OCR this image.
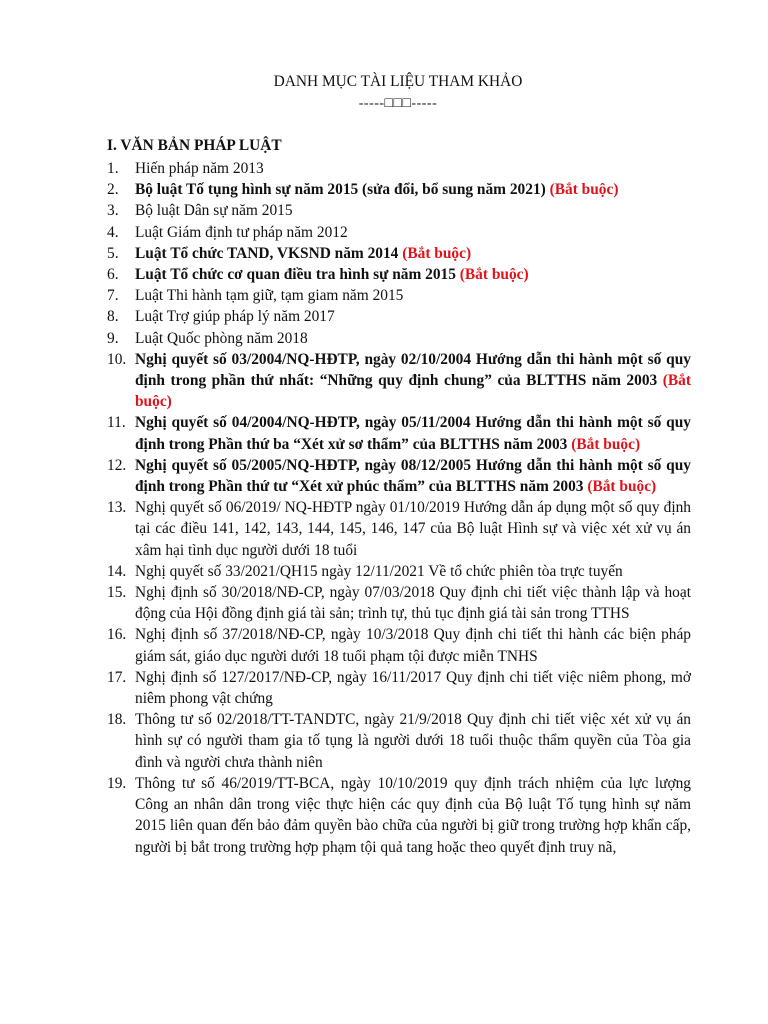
DANH MỤC TÀI LIỆU THAM KHẢO
-----□□□-----
I. VĂN BẢN PHÁP LUẬT
1. Hiến pháp năm 2013
2. Bộ luật Tố tụng hình sự năm 2015 (sửa đổi, bổ sung năm 2021) (Bắt buộc)
3. Bộ luật Dân sự năm 2015
4. Luật Giám định tư pháp năm 2012
5. Luật Tổ chức TAND, VKSND năm 2014 (Bắt buộc)
6. Luật Tổ chức cơ quan điều tra hình sự năm 2015 (Bắt buộc)
7. Luật Thi hành tạm giữ, tạm giam năm 2015
8. Luật Trợ giúp pháp lý năm 2017
9. Luật Quốc phòng năm 2018
10. Nghị quyết số 03/2004/NQ-HĐTP, ngày 02/10/2004 Hướng dẫn thi hành một số quy định trong phần thứ nhất: “Những quy định chung” của BLTTHS năm 2003 (Bắt buộc)
11. Nghị quyết số 04/2004/NQ-HĐTP, ngày 05/11/2004 Hướng dẫn thi hành một số quy định trong Phần thứ ba “Xét xử sơ thẩm” của BLTTHS năm 2003 (Bắt buộc)
12. Nghị quyết số 05/2005/NQ-HĐTP, ngày 08/12/2005 Hướng dẫn thi hành một số quy định trong Phần thứ tư “Xét xử phúc thẩm” của BLTTHS năm 2003 (Bắt buộc)
13. Nghị quyết số 06/2019/ NQ-HĐTP ngày 01/10/2019 Hướng dẫn áp dụng một số quy định tại các điều 141, 142, 143, 144, 145, 146, 147 của Bộ luật Hình sự và việc xét xử vụ án xâm hại tình dục người dưới 18 tuổi
14. Nghị quyết số 33/2021/QH15 ngày 12/11/2021 Về tổ chức phiên tòa trực tuyến
15. Nghị định số 30/2018/NĐ-CP, ngày 07/03/2018 Quy định chi tiết việc thành lập và hoạt động của Hội đồng định giá tài sản; trình tự, thủ tục định giá tài sản trong TTHS
16. Nghị định số 37/2018/NĐ-CP, ngày 10/3/2018 Quy định chi tiết thi hành các biện pháp giám sát, giáo dục người dưới 18 tuổi phạm tội được miễn TNHS
17. Nghị định số 127/2017/NĐ-CP, ngày 16/11/2017 Quy định chi tiết việc niêm phong, mở niêm phong vật chứng
18. Thông tư số 02/2018/TT-TANDTC, ngày 21/9/2018 Quy định chi tiết việc xét xử vụ án hình sự có người tham gia tố tụng là người dưới 18 tuổi thuộc thẩm quyền của Tòa gia đình và người chưa thành niên
19. Thông tư số 46/2019/TT-BCA, ngày 10/10/2019 quy định trách nhiệm của lực lượng Công an nhân dân trong việc thực hiện các quy định của Bộ luật Tố tụng hình sự năm 2015 liên quan đến bảo đảm quyền bào chữa của người bị giữ trong trường hợp khẩn cấp, người bị bắt trong trường hợp phạm tội quả tang hoặc theo quyết định truy nã,
